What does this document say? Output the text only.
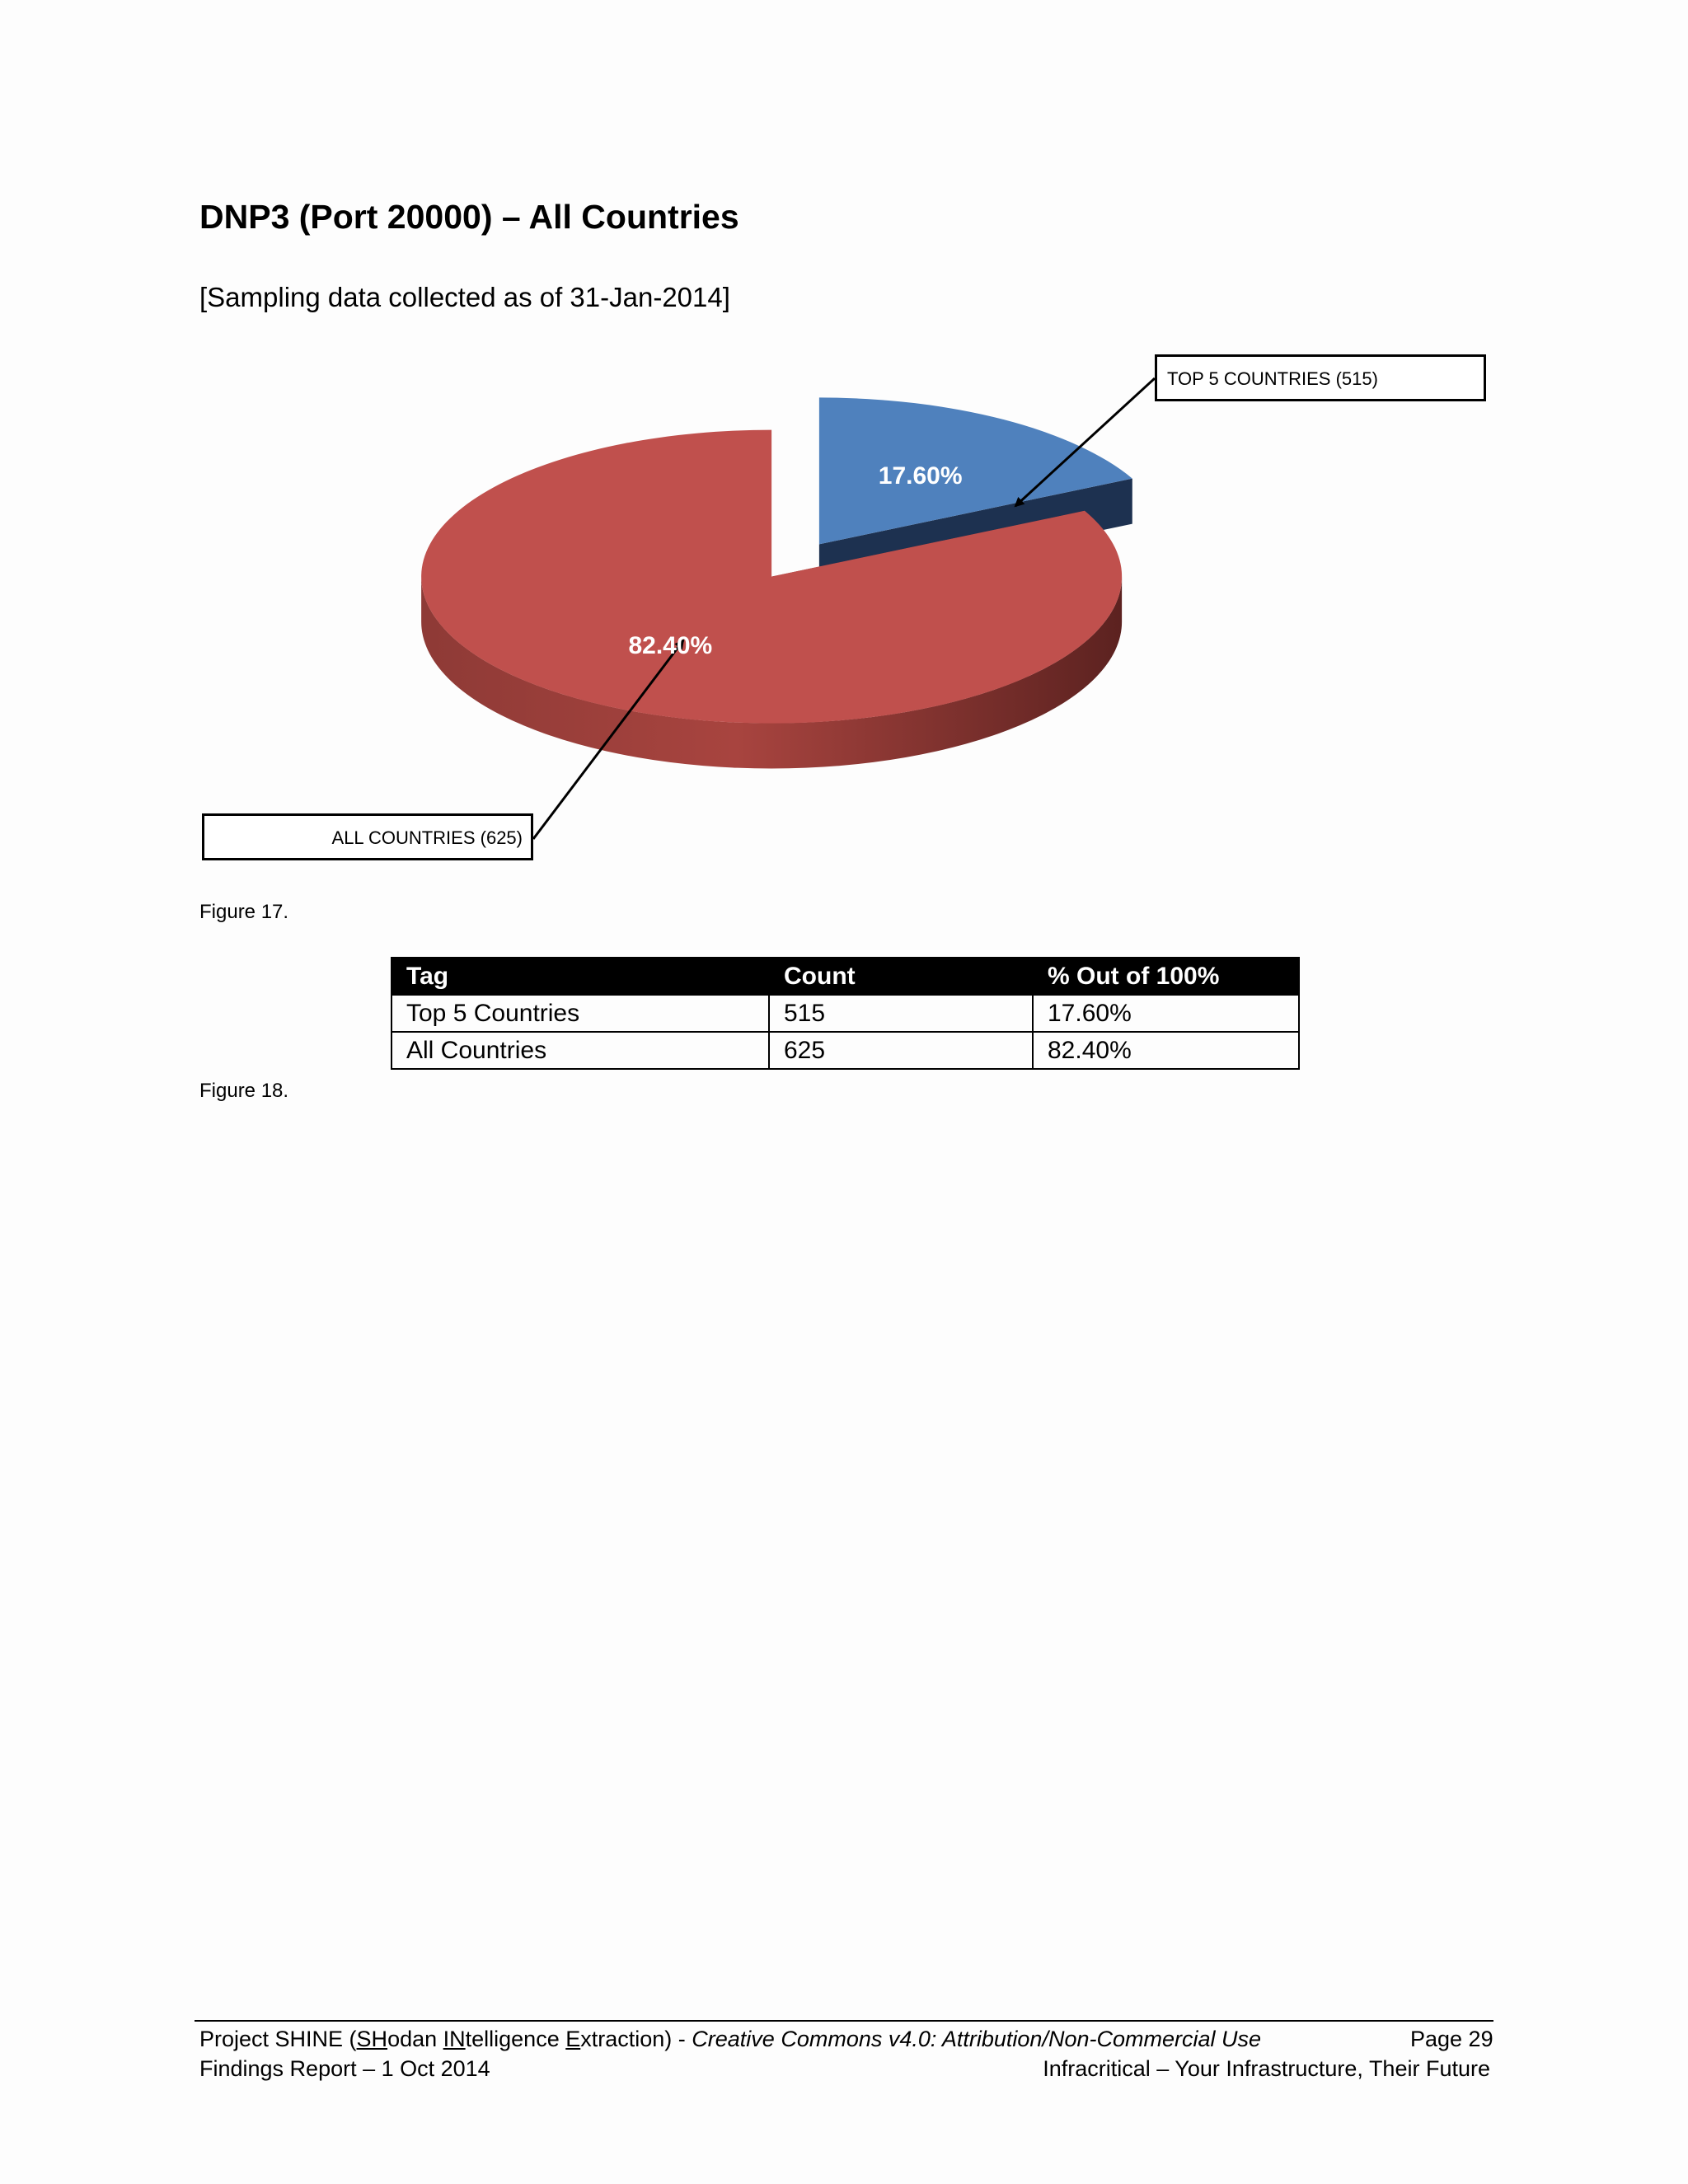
DNP3 (Port 20000) – All Countries
[Sampling data collected as of 31-Jan-2014]
17.60%
82.40%
TOP 5 COUNTRIES (515)
ALL COUNTRIES (625)
Figure 17.
Tag	Count	% Out of 100%
Top 5 Countries	515	17.60%
All Countries	625	82.40%
Figure 18.
Project SHINE (SHodan INtelligence Extraction) - Creative Commons v4.0: Attribution/Non-Commercial Use	Page 29
Findings Report – 1 Oct 2014	Infracritical – Your Infrastructure, Their Future
